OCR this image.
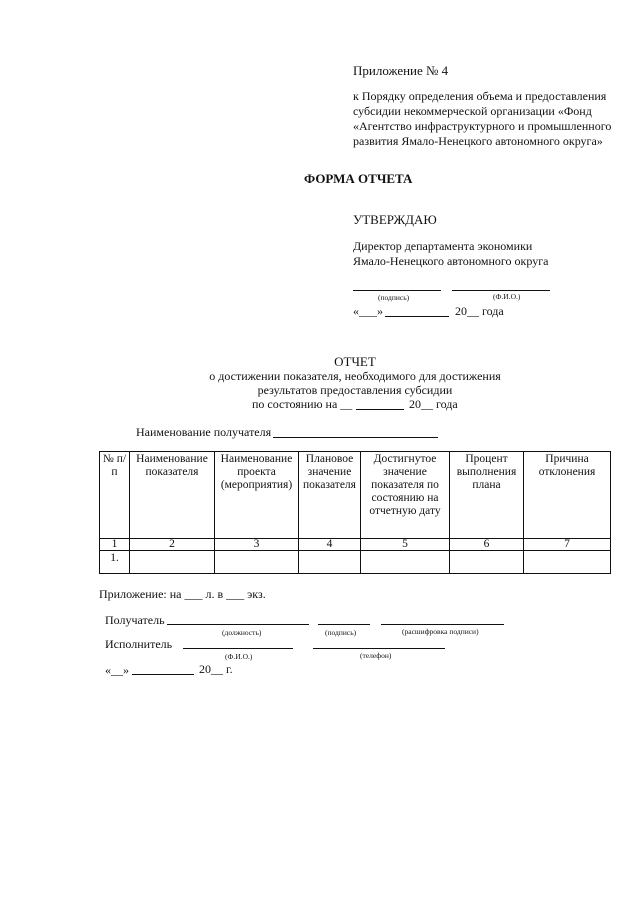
Приложение № 4
к Порядку определения объема и предоставления
субсидии некоммерческой организации «Фонд
«Агентство инфраструктурного и промышленного
развития Ямало-Ненецкого автономного округа»
ФОРМА ОТЧЕТА
УТВЕРЖДАЮ
Директор департамента экономики
Ямало-Ненецкого автономного округа
(подпись)	(Ф.И.О.)
«___»	20__ года
ОТЧЕТ
о достижении показателя, необходимого для достижения
результатов предоставления субсидии
по состоянию на __	20__ года
Наименование получателя
№ п/п	Наименование показателя	Наименование проекта (мероприятия)	Плановое значение показателя	Достигнутое значение показателя по состоянию на отчетную дату	Процент выполнения плана	Причина отклонения
1	2	3	4	5	6	7
1.						
Приложение: на ___ л. в ___ экз.
Получатель
(должность)	(подпись)	(расшифровка подписи)
Исполнитель
(Ф.И.О.)	(телефон)
«__»	20__ г.
